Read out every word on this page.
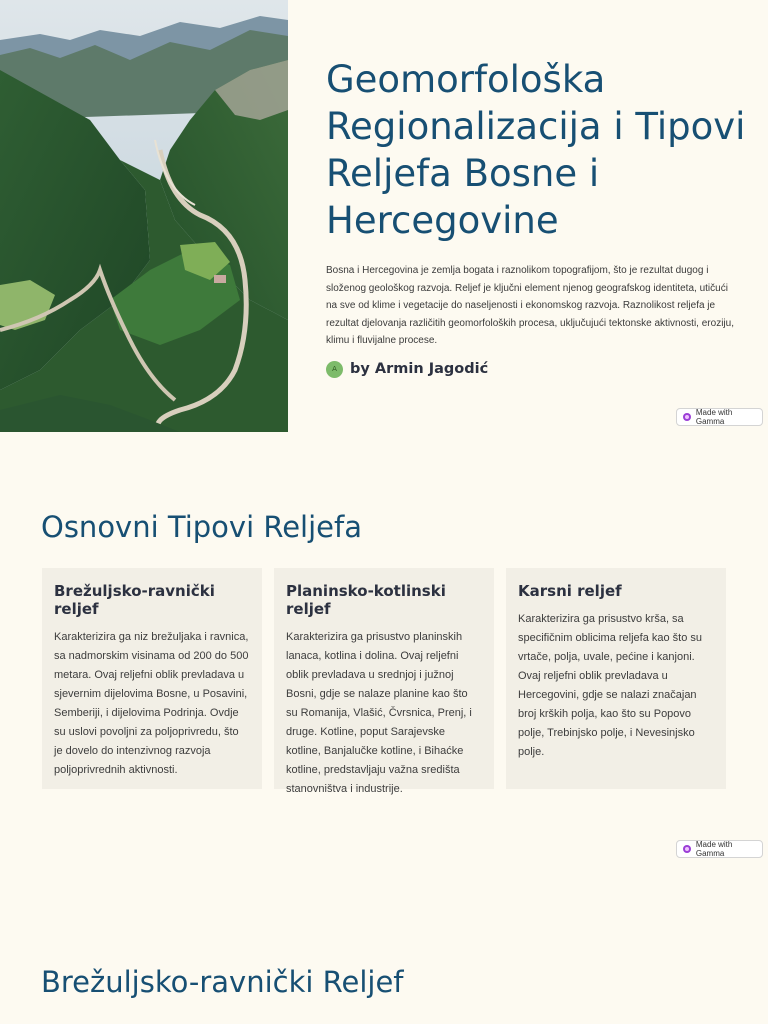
Geomorfološka Regionalizacija i Tipovi Reljefa Bosne i Hercegovine

Bosna i Hercegovina je zemlja bogata i raznolikom topografijom, što je rezultat dugog i složenog geološkog razvoja. Reljef je ključni element njenog geografskog identiteta, utičući na sve od klime i vegetacije do naseljenosti i ekonomskog razvoja. Raznolikost reljefa je rezultat djelovanja različitih geomorfoloških procesa, uključujući tektonske aktivnosti, eroziju, klimu i fluvijalne procese.

A by Armin Jagodić
Made with Gamma
Osnovni Tipovi Reljefa
Brežuljsko-ravnički reljef

Karakterizira ga niz brežuljaka i ravnica, sa nadmorskim visinama od 200 do 500 metara. Ovaj reljefni oblik prevladava u sjevernim dijelovima Bosne, u Posavini, Semberiji, i dijelovima Podrinja. Ovdje su uslovi povoljni za poljoprivredu, što je dovelo do intenzivnog razvoja poljoprivrednih aktivnosti.

Planinsko-kotlinski reljef

Karakterizira ga prisustvo planinskih lanaca, kotlina i dolina. Ovaj reljefni oblik prevladava u srednjoj i južnoj Bosni, gdje se nalaze planine kao što su Romanija, Vlašić, Čvrsnica, Prenj, i druge. Kotline, poput Sarajevske kotline, Banjalučke kotline, i Bihaćke kotline, predstavljaju važna središta stanovništva i industrije.

Karsni reljef

Karakterizira ga prisustvo krša, sa specifičnim oblicima reljefa kao što su vrtače, polja, uvale, pećine i kanjoni. Ovaj reljefni oblik prevladava u Hercegovini, gdje se nalazi značajan broj krških polja, kao što su Popovo polje, Trebinjsko polje, i Nevesinjsko polje.

Made with Gamma
Brežuljsko-ravnički Reljef
